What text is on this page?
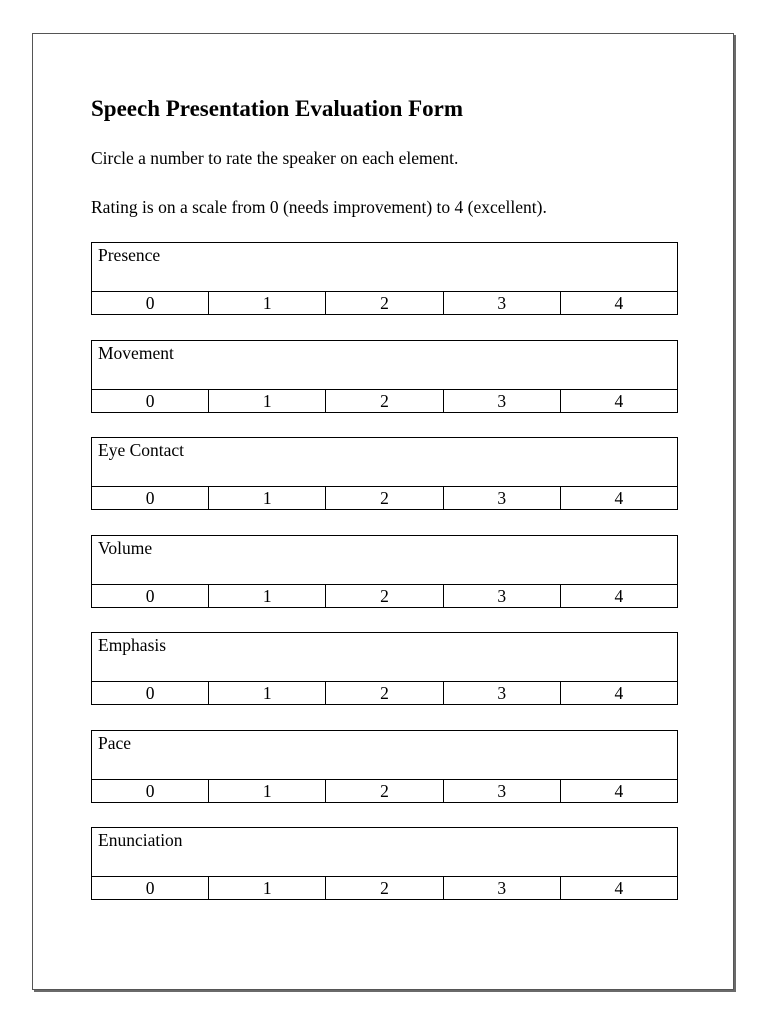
Speech Presentation Evaluation Form

Circle a number to rate the speaker on each element.

Rating is on a scale from 0 (needs improvement) to 4 (excellent).

Presence
0	1	2	3	4
Movement
0	1	2	3	4
Eye Contact
0	1	2	3	4
Volume
0	1	2	3	4
Emphasis
0	1	2	3	4
Pace
0	1	2	3	4
Enunciation
0	1	2	3	4
